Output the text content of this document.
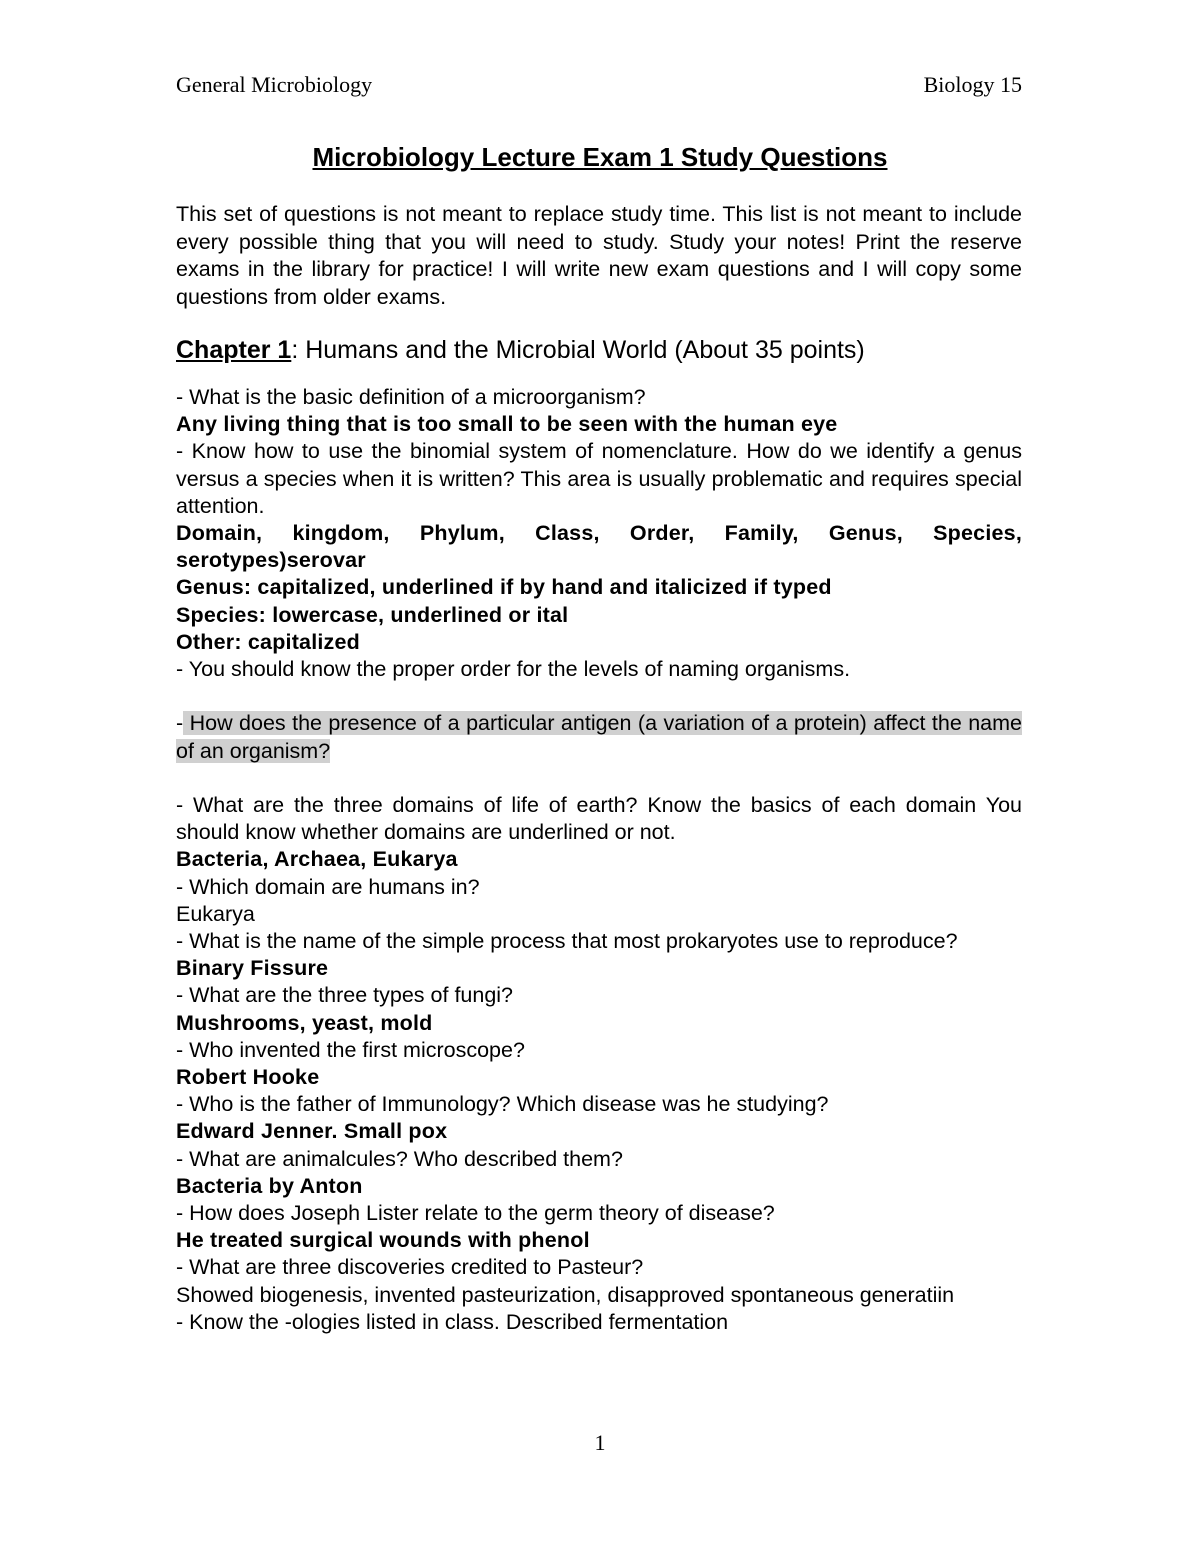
General Microbiology	Biology 15
Microbiology Lecture Exam 1 Study Questions
This set of questions is not meant to replace study time. This list is not meant to include every possible thing that you will need to study. Study your notes! Print the reserve exams in the library for practice! I will write new exam questions and I will copy some questions from older exams.
Chapter 1: Humans and the Microbial World (About 35 points)

- What is the basic definition of a microorganism?

Any living thing that is too small to be seen with the human eye

- Know how to use the binomial system of nomenclature. How do we identify a genus versus a species when it is written? This area is usually problematic and requires special attention.

Domain, kingdom, Phylum, Class, Order, Family, Genus, Species, serotypes)serovar

Genus: capitalized, underlined if by hand and italicized if typed

Species: lowercase, underlined or ital

Other: capitalized

- You should know the proper order for the levels of naming organisms.

- How does the presence of a particular antigen (a variation of a protein) affect the name of an organism?

- What are the three domains of life of earth? Know the basics of each domain You should know whether domains are underlined or not.

Bacteria, Archaea, Eukarya

- Which domain are humans in?

Eukarya

- What is the name of the simple process that most prokaryotes use to reproduce?

Binary Fissure

- What are the three types of fungi?

Mushrooms, yeast, mold

- Who invented the first microscope?

Robert Hooke

- Who is the father of Immunology? Which disease was he studying?

Edward Jenner. Small pox

- What are animalcules? Who described them?

Bacteria by Anton

- How does Joseph Lister relate to the germ theory of disease?

He treated surgical wounds with phenol

- What are three discoveries credited to Pasteur?

Showed biogenesis, invented pasteurization, disapproved spontaneous generatiin

- Know the -ologies listed in class. Described fermentation

1
